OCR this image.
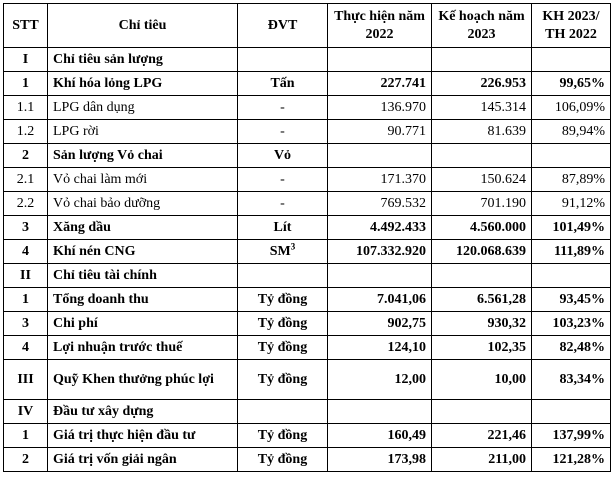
STT	Chỉ tiêu	ĐVT	Thực hiện năm 2022	Kế hoạch năm 2023	KH 2023/ TH 2022
I	Chỉ tiêu sản lượng				
1	Khí hóa lỏng LPG	Tấn	227.741	226.953	99,65%
1.1	LPG dân dụng	-	136.970	145.314	106,09%
1.2	LPG rời	-	90.771	81.639	89,94%
2	Sản lượng Vỏ chai	Vỏ			
2.1	Vỏ chai làm mới	-	171.370	150.624	87,89%
2.2	Vỏ chai bảo dưỡng	-	769.532	701.190	91,12%
3	Xăng dầu	Lít	4.492.433	4.560.000	101,49%
4	Khí nén CNG	$SM^3$	107.332.920	120.068.639	111,89%
II	Chỉ tiêu tài chính				
1	Tổng doanh thu	Tỷ đồng	7.041,06	6.561,28	93,45%
3	Chi phí	Tỷ đồng	902,75	930,32	103,23%
4	Lợi nhuận trước thuế	Tỷ đồng	124,10	102,35	82,48%
III	Quỹ Khen thưởng phúc lợi	Tỷ đồng	12,00	10,00	83,34%
IV	Đầu tư xây dựng				
1	Giá trị thực hiện đầu tư	Tỷ đồng	160,49	221,46	137,99%
2	Giá trị vốn giải ngân	Tỷ đồng	173,98	211,00	121,28%
